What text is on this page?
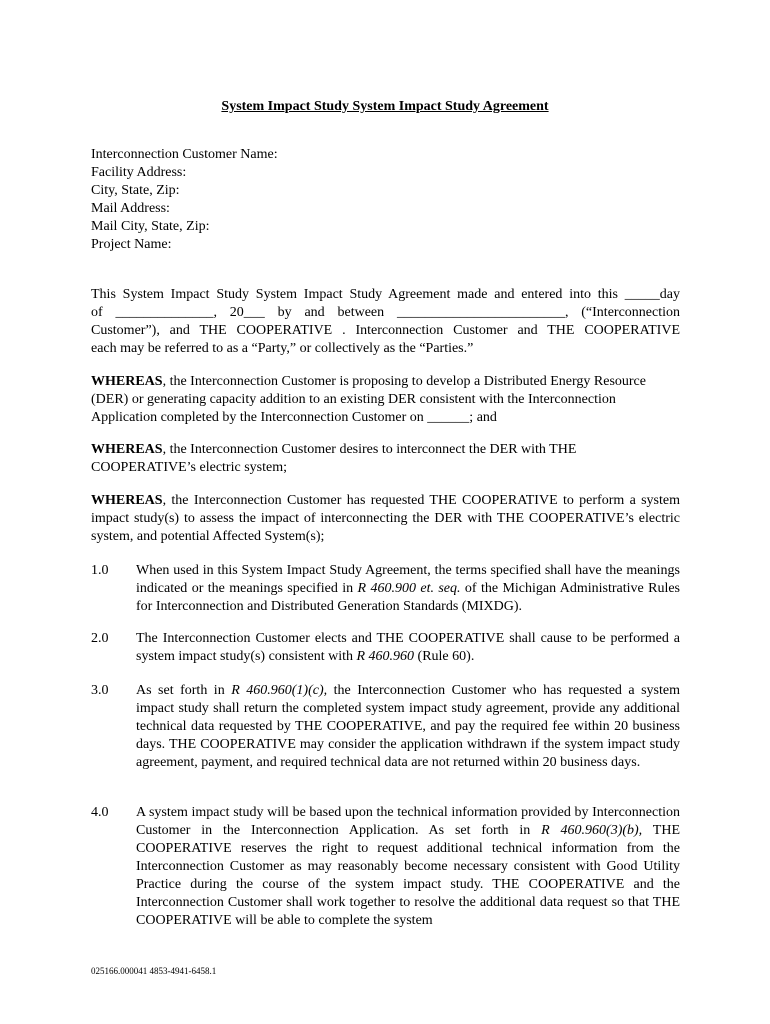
System Impact Study System Impact Study Agreement
Interconnection Customer Name:
Facility Address:
City, State, Zip:
Mail Address:
Mail City, State, Zip:
Project Name:
This System Impact Study System Impact Study Agreement made and entered into this _____day
of ______________, 20___ by and between ________________________, (“Interconnection
Customer”), and THE COOPERATIVE . Interconnection Customer and THE COOPERATIVE
each may be referred to as a “Party,” or collectively as the “Parties.”
WHEREAS, the Interconnection Customer is proposing to develop a Distributed Energy Resource (DER) or generating capacity addition to an existing DER consistent with the Interconnection Application completed by the Interconnection Customer on ______; and
WHEREAS, the Interconnection Customer desires to interconnect the DER with THE COOPERATIVE’s electric system;
WHEREAS, the Interconnection Customer has requested THE COOPERATIVE to perform a system impact study(s) to assess the impact of interconnecting the DER with THE COOPERATIVE’s electric system, and potential Affected System(s);
1.0 When used in this System Impact Study Agreement, the terms specified shall have the meanings indicated or the meanings specified in R 460.900 et. seq. of the Michigan Administrative Rules for Interconnection and Distributed Generation Standards (MIXDG).
2.0 The Interconnection Customer elects and THE COOPERATIVE shall cause to be performed a system impact study(s) consistent with R 460.960 (Rule 60).
3.0 As set forth in R 460.960(1)(c), the Interconnection Customer who has requested a system impact study shall return the completed system impact study agreement, provide any additional technical data requested by THE COOPERATIVE, and pay the required fee within 20 business days. THE COOPERATIVE may consider the application withdrawn if the system impact study agreement, payment, and required technical data are not returned within 20 business days.
4.0 A system impact study will be based upon the technical information provided by Interconnection Customer in the Interconnection Application. As set forth in R 460.960(3)(b), THE COOPERATIVE reserves the right to request additional technical information from the Interconnection Customer as may reasonably become necessary consistent with Good Utility Practice during the course of the system impact study. THE COOPERATIVE and the Interconnection Customer shall work together to resolve the additional data request so that THE COOPERATIVE will be able to complete the system
025166.000041 4853-4941-6458.1
